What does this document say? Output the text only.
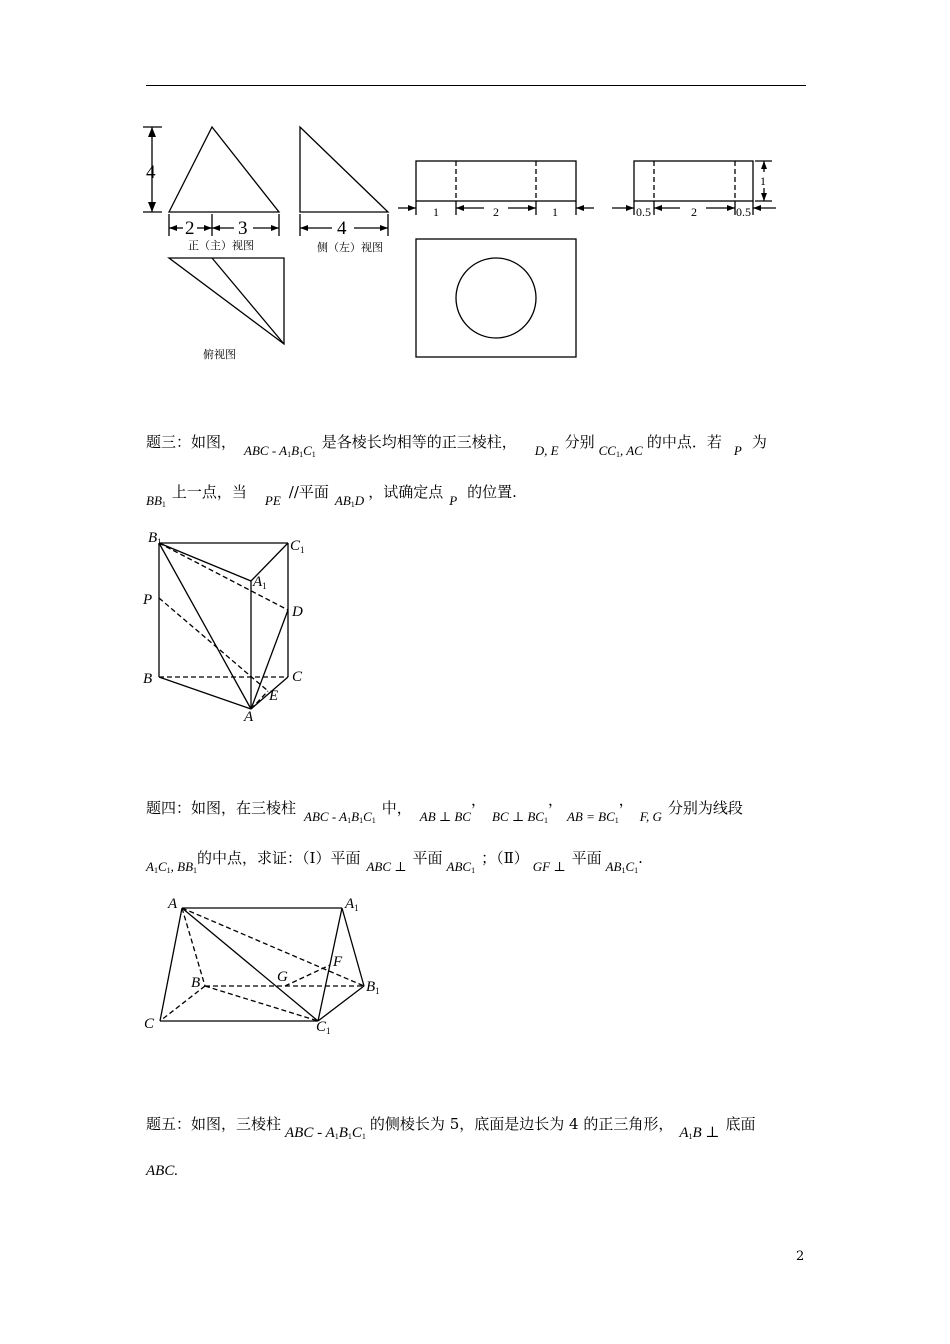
4
2 3	4
正（主）视图	侧（左）视图
俯视图
1	2	1	0.5	2	0.5
1
题三：如图， ABC - $A_1B_1C_1$是各棱长均相等的正三棱柱， D, E 分别 $CC_1$, AC 的中点．若 P 为
$BB_1$上一点，当 PE //平面 $AB_1D$ ，试确定点 P 的位置.
$B_1$	$C_1$
$A_1$
P
D
B	C
E
A
题四：如图，在三棱柱 ABC - $A_1B_1C_1$中， AB ⊥ BC，BC ⊥ $BC_1$，AB = $BC_1$，F, G 分别为线段
$A_1C_1$, $BB_1$的中点，求证：（Ⅰ）平面 ABC ⊥ 平面 $ABC_1$；（Ⅱ） GF ⊥ 平面 $AB_1C_1$.
A	$A_1$
F
G
B	$B_1$
C	$C_1$
题五：如图，三棱柱 ABC - $A_1B_1C_1$的侧棱长为 5，底面是边长为 4 的正三角形， $A_1B$ ⊥ 底面
ABC.
2
